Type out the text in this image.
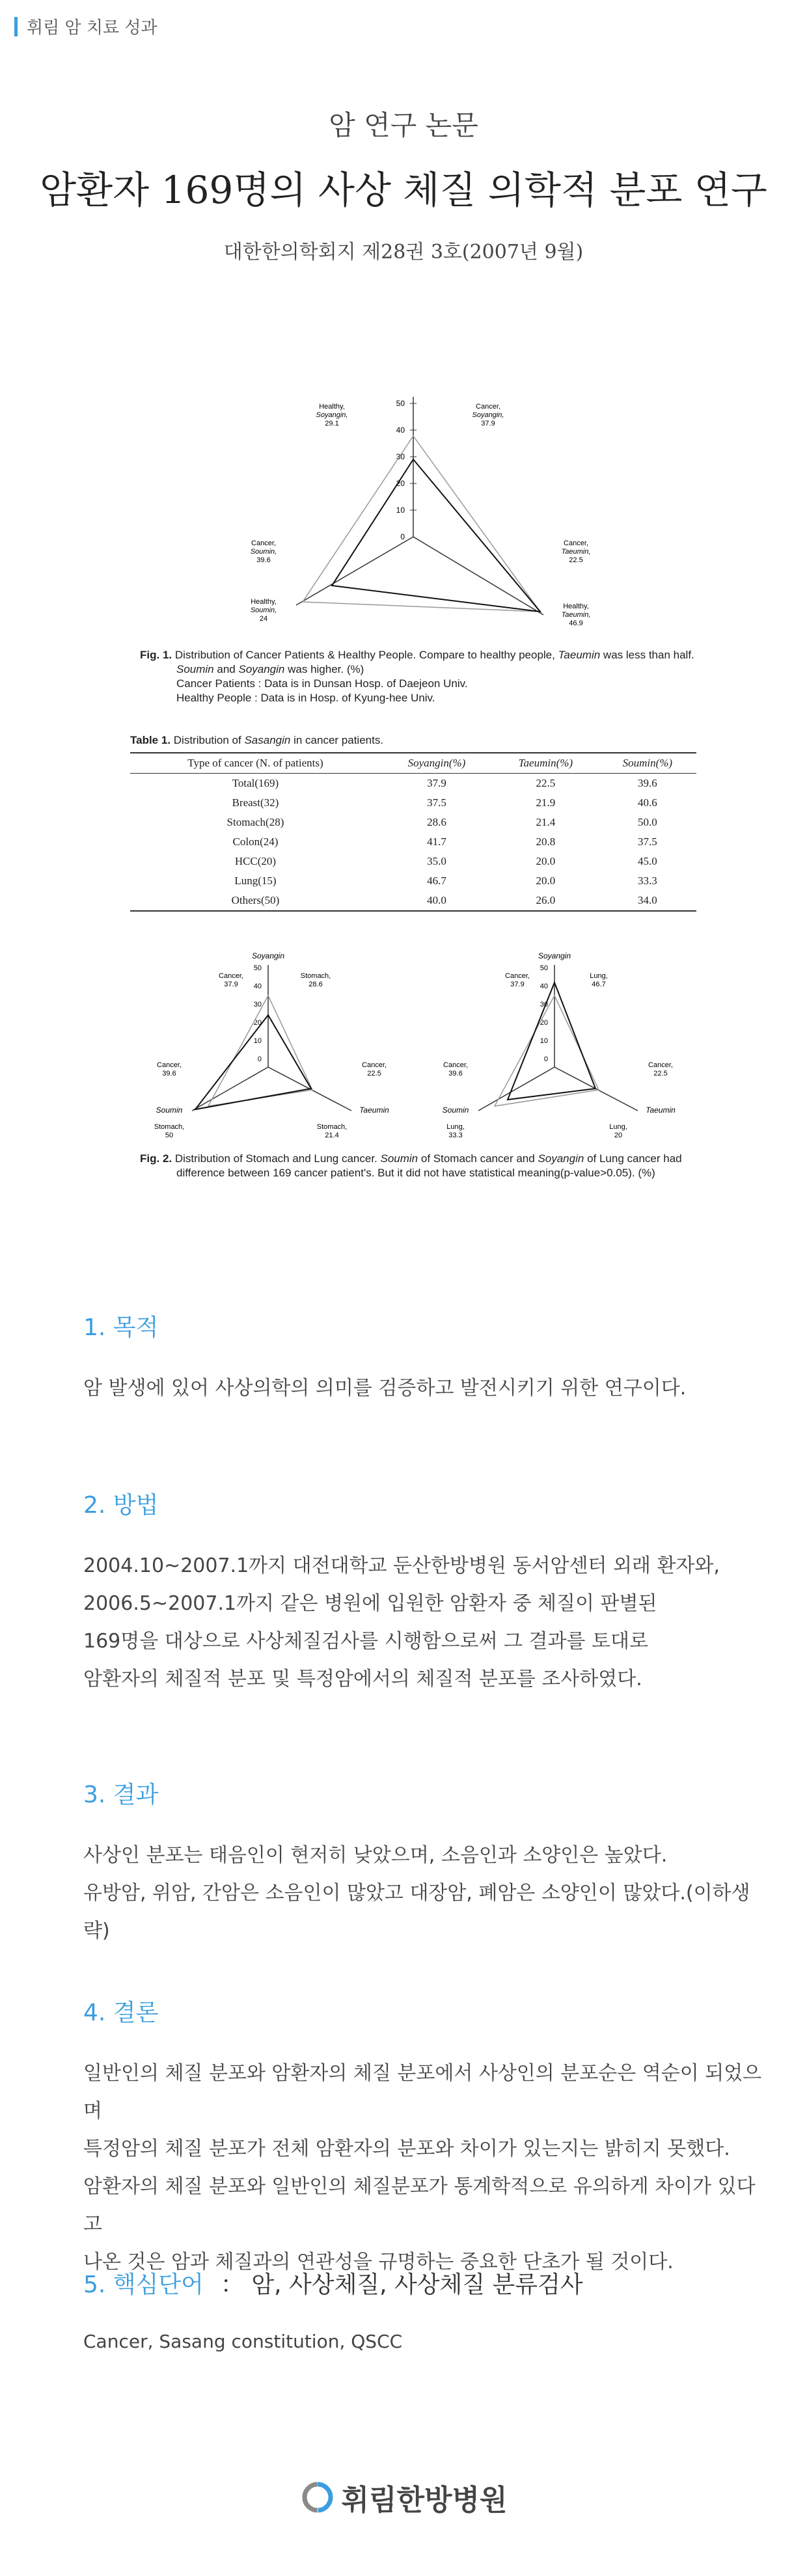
휘림 암 치료 성과
암 연구 논문
암환자 169명의 사상 체질 의학적 분포 연구
대한한의학회지 제28권 3호(2007년 9월)
50
40
30
20
10
0
Healthy,
Soyangin,
29.1
Cancer,
Soyangin,
37.9
Cancer,
Soumin,
39.6
Healthy,
Soumin,
24
Cancer,
Taeumin,
22.5
Healthy,
Taeumin,
46.9
Fig. 1. Distribution of Cancer Patients & Healthy People. Compare to healthy people, Taeumin was less than half.
Soumin and Soyangin was higher. (%)
Cancer Patients : Data is in Dunsan Hosp. of Daejeon Univ.
Healthy People : Data is in Hosp. of Kyung-hee Univ.
Table 1. Distribution of Sasangin in cancer patients.
Type of cancer (N. of patients)	Soyangin(%)	Taeumin(%)	Soumin(%)
Total(169)	37.9	22.5	39.6
Breast(32)	37.5	21.9	40.6
Stomach(28)	28.6	21.4	50.0
Colon(24)	41.7	20.8	37.5
HCC(20)	35.0	20.0	45.0
Lung(15)	46.7	20.0	33.3
Others(50)	40.0	26.0	34.0
Soyangin
50
40
30
20
10
0
Cancer,
37.9
Stomach,
28.6
Cancer,
39.6
Soumin
Stomach,
50
Cancer,
22.5
Taeumin
Stomach,
21.4
Soyangin
50
40
30
20
10
0
Cancer,
37.9
Lung,
46.7
Cancer,
39.6
Soumin
Lung,
33.3
Cancer,
22.5
Taeumin
Lung,
20
Fig. 2. Distribution of Stomach and Lung cancer. Soumin of Stomach cancer and Soyangin of Lung cancer had
difference between 169 cancer patient's. But it did not have statistical meaning(p-value>0.05). (%)
1. 목적
암 발생에 있어 사상의학의 의미를 검증하고 발전시키기 위한 연구이다.
2. 방법
2004.10~2007.1까지 대전대학교 둔산한방병원 동서암센터 외래 환자와,
2006.5~2007.1까지 같은 병원에 입원한 암환자 중 체질이 판별된
169명을 대상으로 사상체질검사를 시행함으로써 그 결과를 토대로
암환자의 체질적 분포 및 특정암에서의 체질적 분포를 조사하였다.
3. 결과
사상인 분포는 태음인이 현저히 낮았으며, 소음인과 소양인은 높았다.
유방암, 위암, 간암은 소음인이 많았고 대장암, 폐암은 소양인이 많았다.(이하생략)
4. 결론
일반인의 체질 분포와 암환자의 체질 분포에서 사상인의 분포순은 역순이 되었으며
특정암의 체질 분포가 전체 암환자의 분포와 차이가 있는지는 밝히지 못했다.
암환자의 체질 분포와 일반인의 체질분포가 통계학적으로 유의하게 차이가 있다고
나온 것은 암과 체질과의 연관성을 규명하는 중요한 단초가 될 것이다.
5. 핵심단어 ： 암, 사상체질, 사상체질 분류검사
Cancer, Sasang constitution, QSCC
휘림한방병원
